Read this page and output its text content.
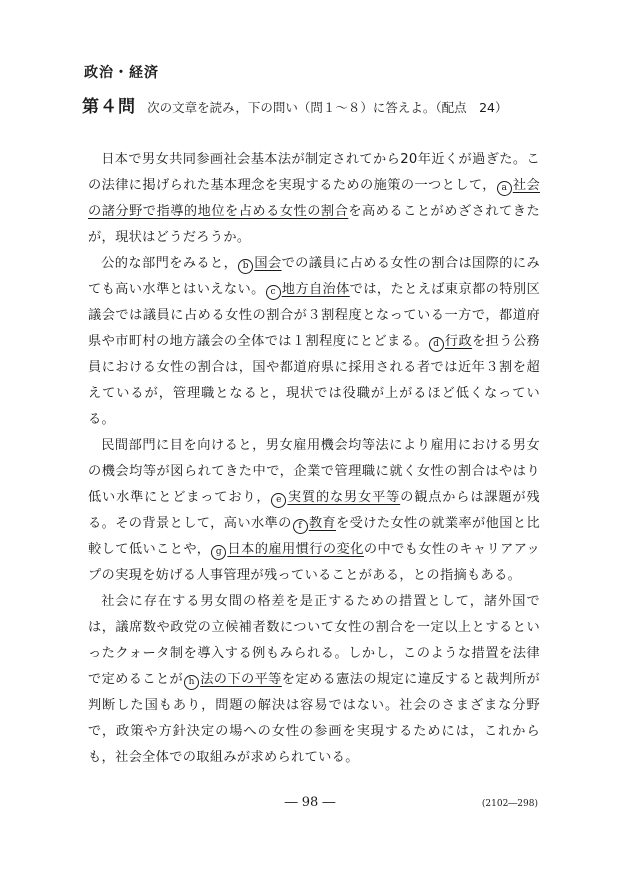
政治・経済
第４問 次の文章を読み，下の問い（問１〜８）に答えよ。（配点　24）

日本で男女共同参画社会基本法が制定されてから20年近くが過ぎた。この法律に掲げられた基本理念を実現するための施策の一つとして， a 社会の諸分野で指導的地位を占める女性の割合を高めることがめざされてきたが，現状はどうだろうか。

公的な部門をみると， b 国会での議員に占める女性の割合は国際的にみても高い水準とはいえない。 c 地方自治体では，たとえば東京都の特別区議会では議員に占める女性の割合が３割程度となっている一方で，都道府県や市町村の地方議会の全体では１割程度にとどまる。 d 行政を担う公務員における女性の割合は，国や都道府県に採用される者では近年３割を超えているが，管理職となると，現状では役職が上がるほど低くなっている。

民間部門に目を向けると，男女雇用機会均等法により雇用における男女の機会均等が図られてきた中で，企業で管理職に就く女性の割合はやはり低い水準にとどまっており， e 実質的な男女平等の観点からは課題が残る。その背景として，高い水準の f 教育を受けた女性の就業率が他国と比較して低いことや， g 日本的雇用慣行の変化の中でも女性のキャリアアップの実現を妨げる人事管理が残っていることがある，との指摘もある。

社会に存在する男女間の格差を是正するための措置として，諸外国では，議席数や政党の立候補者数について女性の割合を一定以上とするといったクォータ制を導入する例もみられる。しかし，このような措置を法律で定めることが h 法の下の平等を定める憲法の規定に違反すると裁判所が判断した国もあり，問題の解決は容易ではない。社会のさまざまな分野で，政策や方針決定の場への女性の参画を実現するためには，これからも，社会全体での取組みが求められている。

― 98 ―	(2102―298)
